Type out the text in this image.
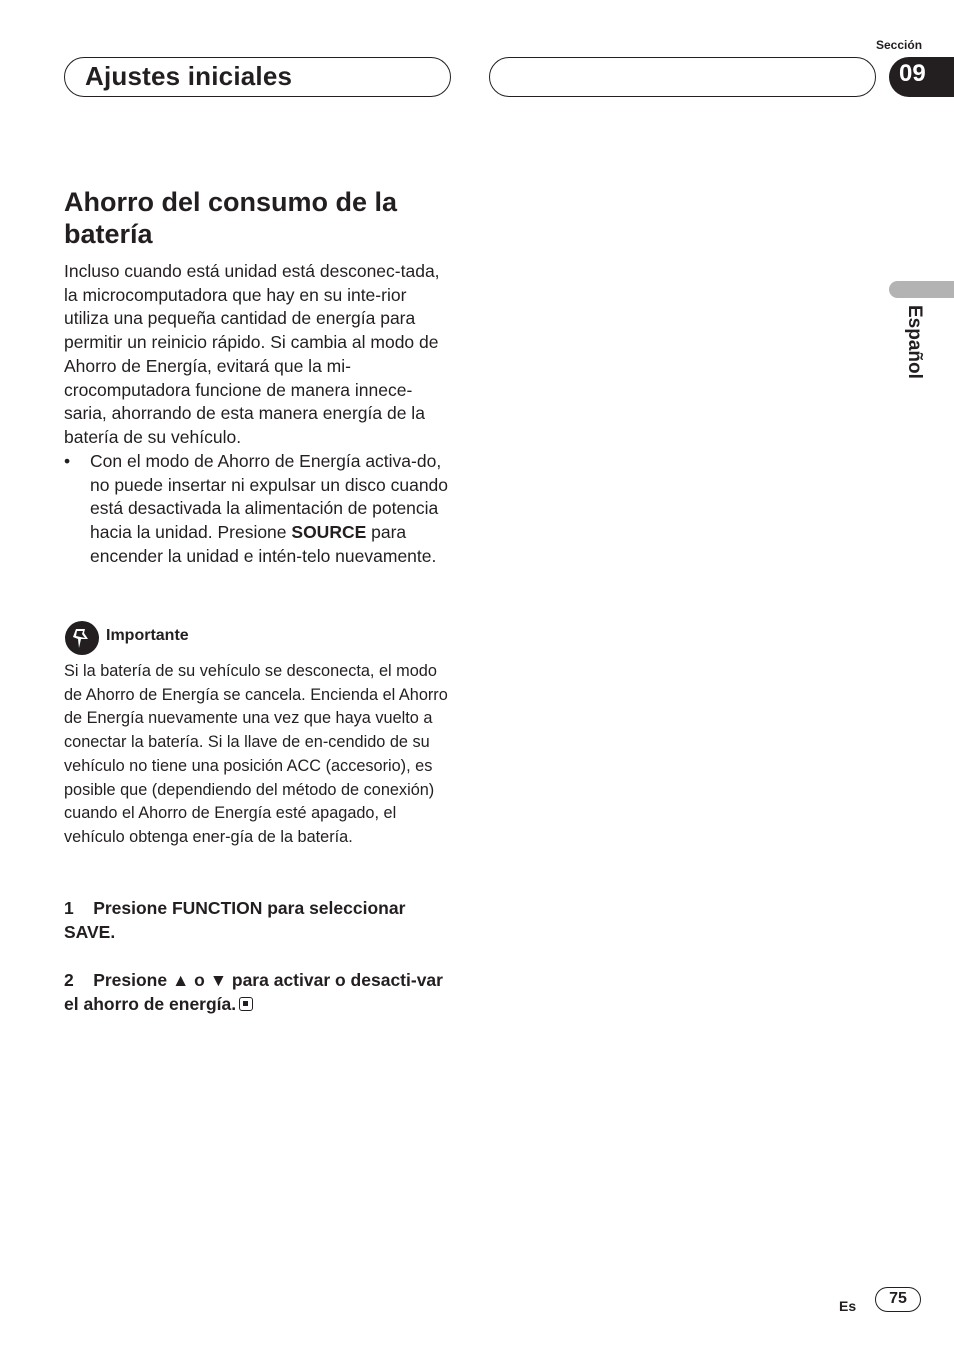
Ajustes iniciales
Sección
09
Español
Ahorro del consumo de la batería

Incluso cuando está unidad está desconec-tada, la microcomputadora que hay en su inte-rior utiliza una pequeña cantidad de energía para permitir un reinicio rápido. Si cambia al modo de Ahorro de Energía, evitará que la mi-crocomputadora funcione de manera innece-saria, ahorrando de esta manera energía de la batería de su vehículo.

• Con el modo de Ahorro de Energía activa-do, no puede insertar ni expulsar un disco cuando está desactivada la alimentación de potencia hacia la unidad. Presione SOURCE para encender la unidad e intén-telo nuevamente.
Importante

Si la batería de su vehículo se desconecta, el modo de Ahorro de Energía se cancela. Encienda el Ahorro de Energía nuevamente una vez que haya vuelto a conectar la batería. Si la llave de en-cendido de su vehículo no tiene una posición ACC (accesorio), es posible que (dependiendo del método de conexión) cuando el Ahorro de Energía esté apagado, el vehículo obtenga ener-gía de la batería.

1 Presione FUNCTION para seleccionar SAVE.
2 Presione ▲ o ▼ para activar o desacti-var el ahorro de energía.
Es	75
